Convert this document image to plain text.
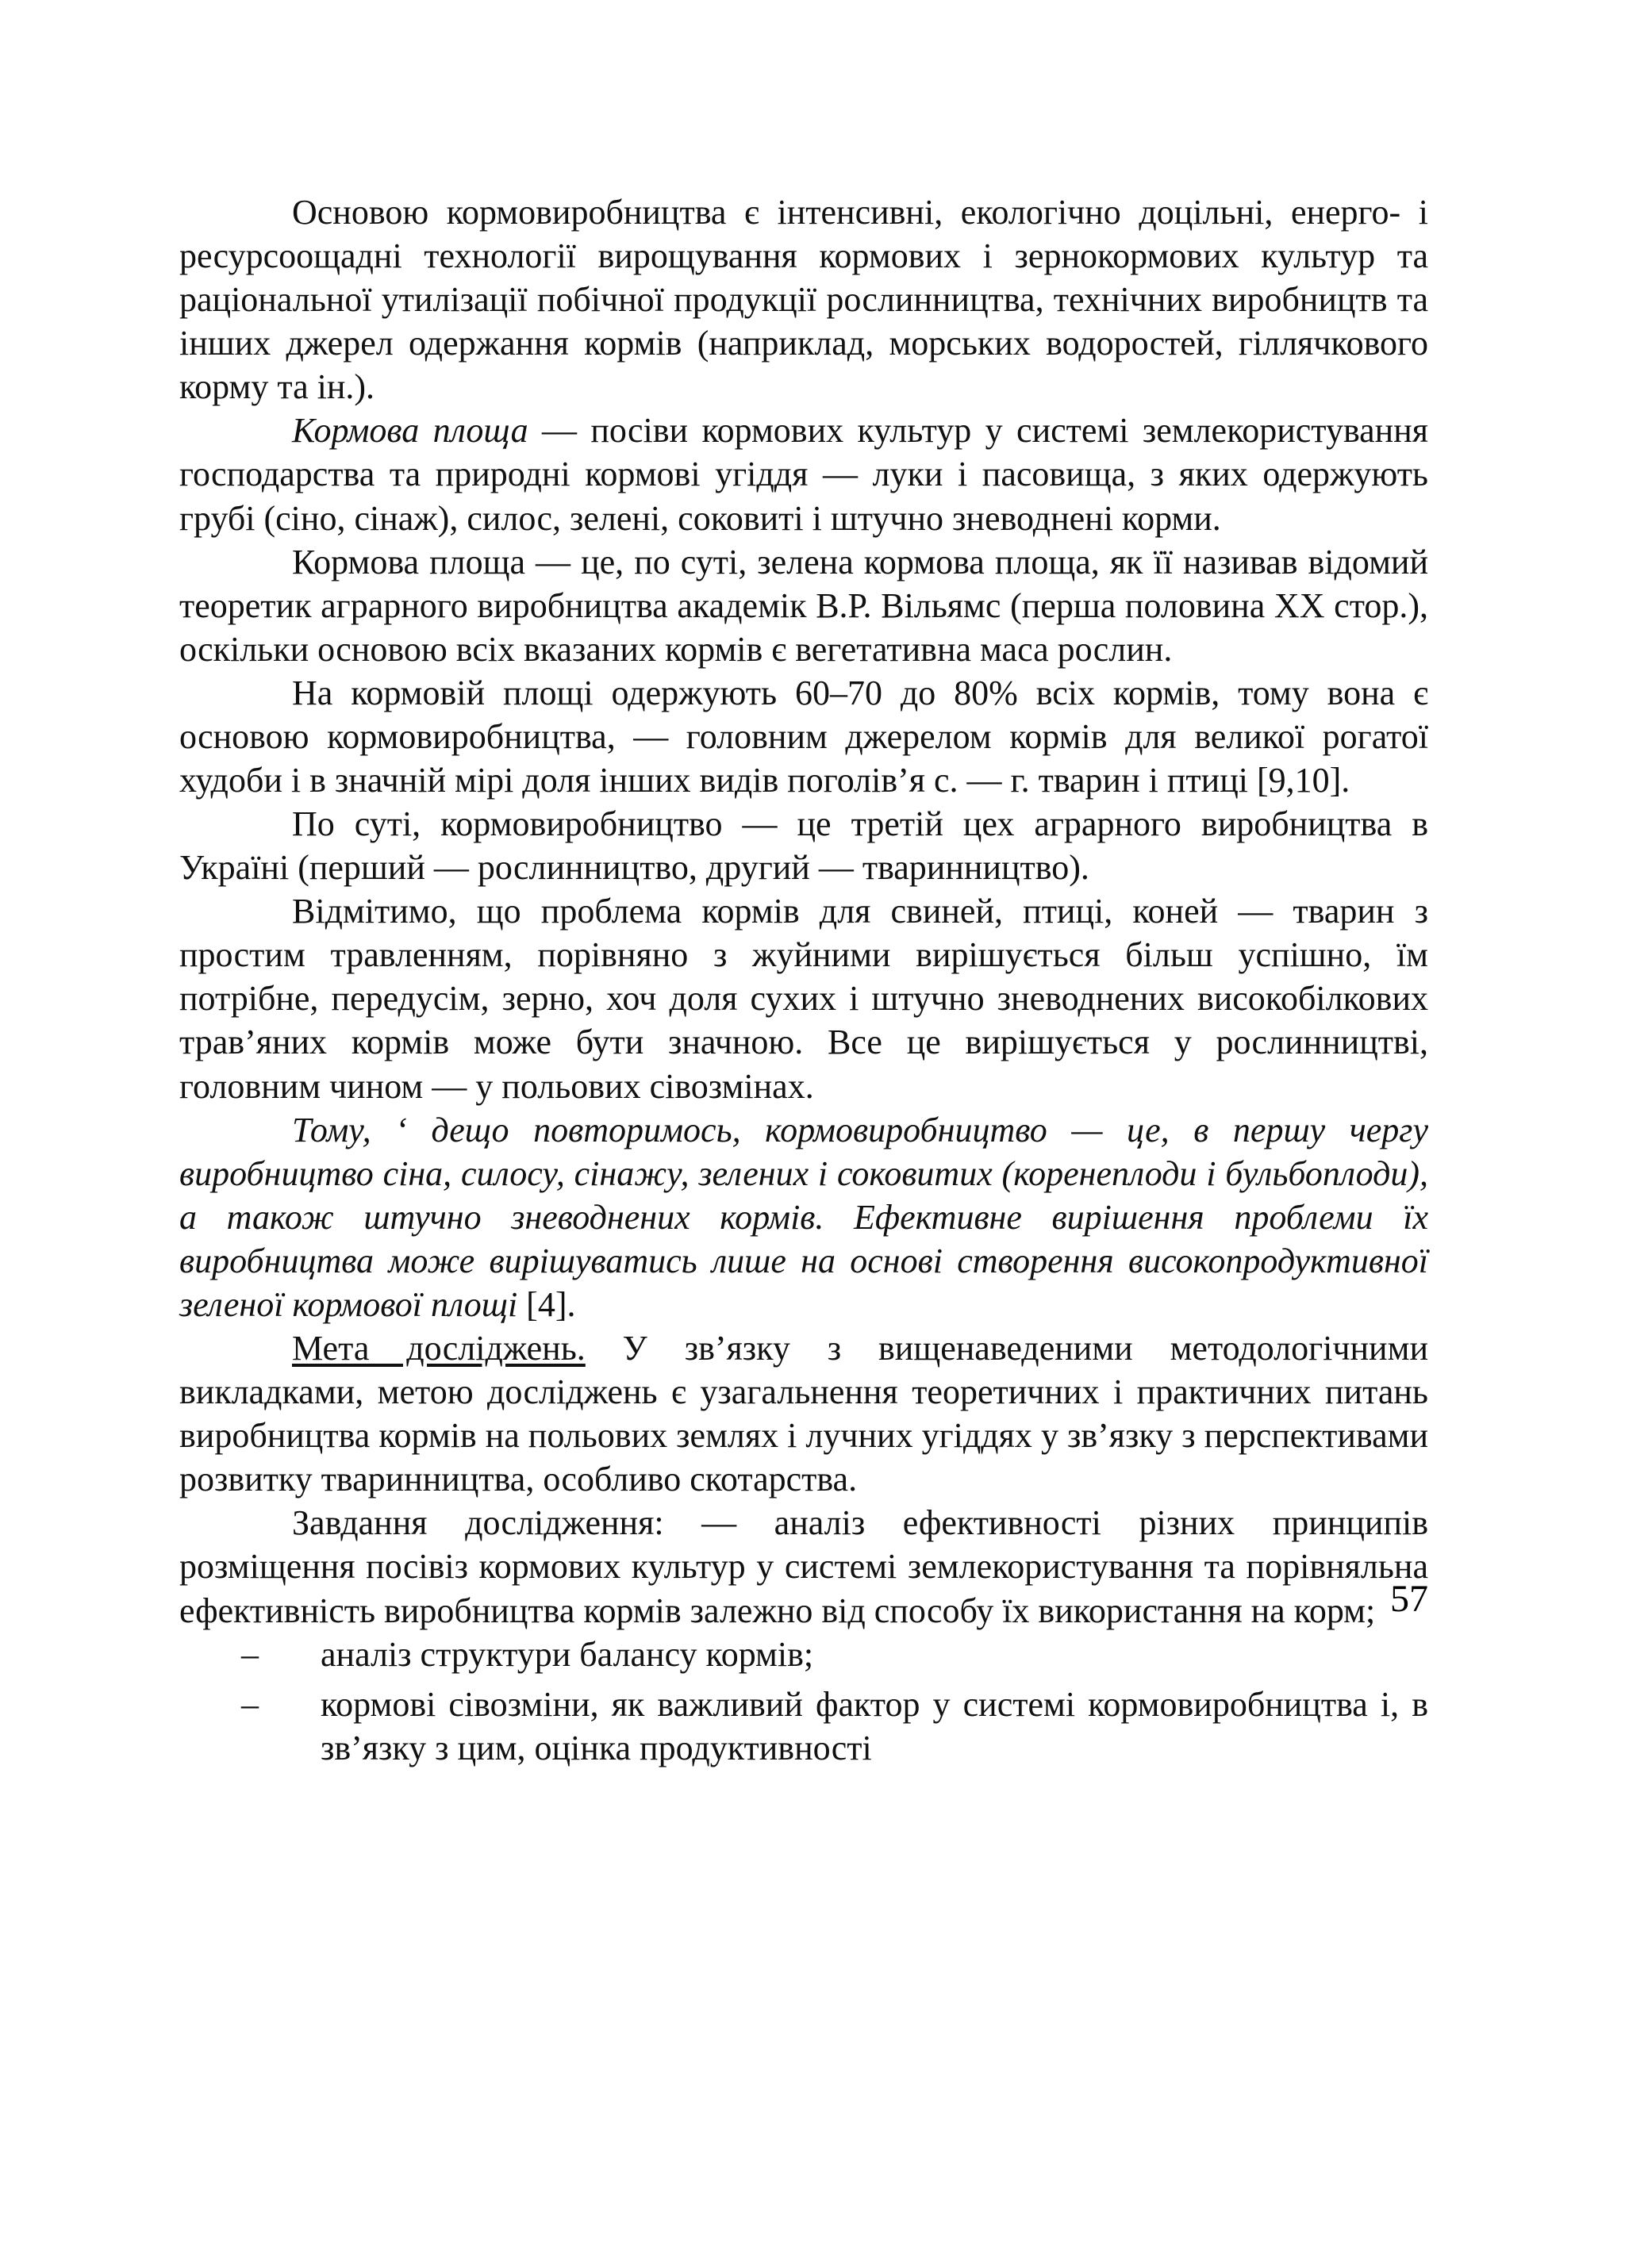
Основою кормовиробництва є інтенсивні, екологічно доцільні, енерго- і ресурсоощадні технології вирощування кормових і зернокормових культур та раціональної утилізації побічної продукції рослинництва, технічних виробництв та інших джерел одержання кормів (наприклад, морських водоростей, гіллячкового корму та ін.).

Кормова площа — посіви кормових культур у системі землекористування господарства та природні кормові угіддя — луки і пасовища, з яких одержують грубі (сіно, сінаж), силос, зелені, соковиті і штучно зневоднені корми.

Кормова площа — це, по суті, зелена кормова площа, як її називав відомий теоретик аграрного виробництва академік В.Р. Вільямс (перша половина XX стор.), оскільки основою всіх вказаних кормів є вегетативна маса рослин.

На кормовій площі одержують 60–70 до 80% всіх кормів, тому вона є основою кормовиробництва, — головним джерелом кормів для великої рогатої худоби і в значній мірі доля інших видів поголів’я с. — г. тварин і птиці [9,10].

По суті, кормовиробництво — це третій цех аграрного виробництва в Україні (перший — рослинництво, другий — тваринництво).

Відмітимо, що проблема кормів для свиней, птиці, коней — тварин з простим травленням, порівняно з жуйними вирішується більш успішно, їм потрібне, передусім, зерно, хоч доля сухих і штучно зневоднених високобілкових трав’яних кормів може бути значною. Все це вирішується у рослинництві, головним чином — у польових сівозмінах.

Тому, ‘ дещо повторимось, кормовиробництво — це, в першу чергу виробництво сіна, силосу, сінажу, зелених і соковитих (коренеплоди і бульбоплоди), а також штучно зневоднених кормів. Ефективне вирішення проблеми їх виробництва може вирішуватись лише на основі створення високопродуктивної зеленої кормової площі [4].

Мета досліджень. У зв’язку з вищенаведеними методологічними викладками, метою досліджень є узагальнення теоретичних і практичних питань виробництва кормів на польових землях і лучних угіддях у зв’язку з перспективами розвитку тваринництва, особливо скотарства.

Завдання дослідження: — аналіз ефективності різних принципів розміщення посівіз кормових культур у системі землекористування та порівняльна ефективність виробництва кормів залежно від способу їх використання на корм;

– аналіз структури балансу кормів;
– кормові сівозміни, як важливий фактор у системі кормовиробництва і, в зв’язку з цим, оцінка продуктивності
57
